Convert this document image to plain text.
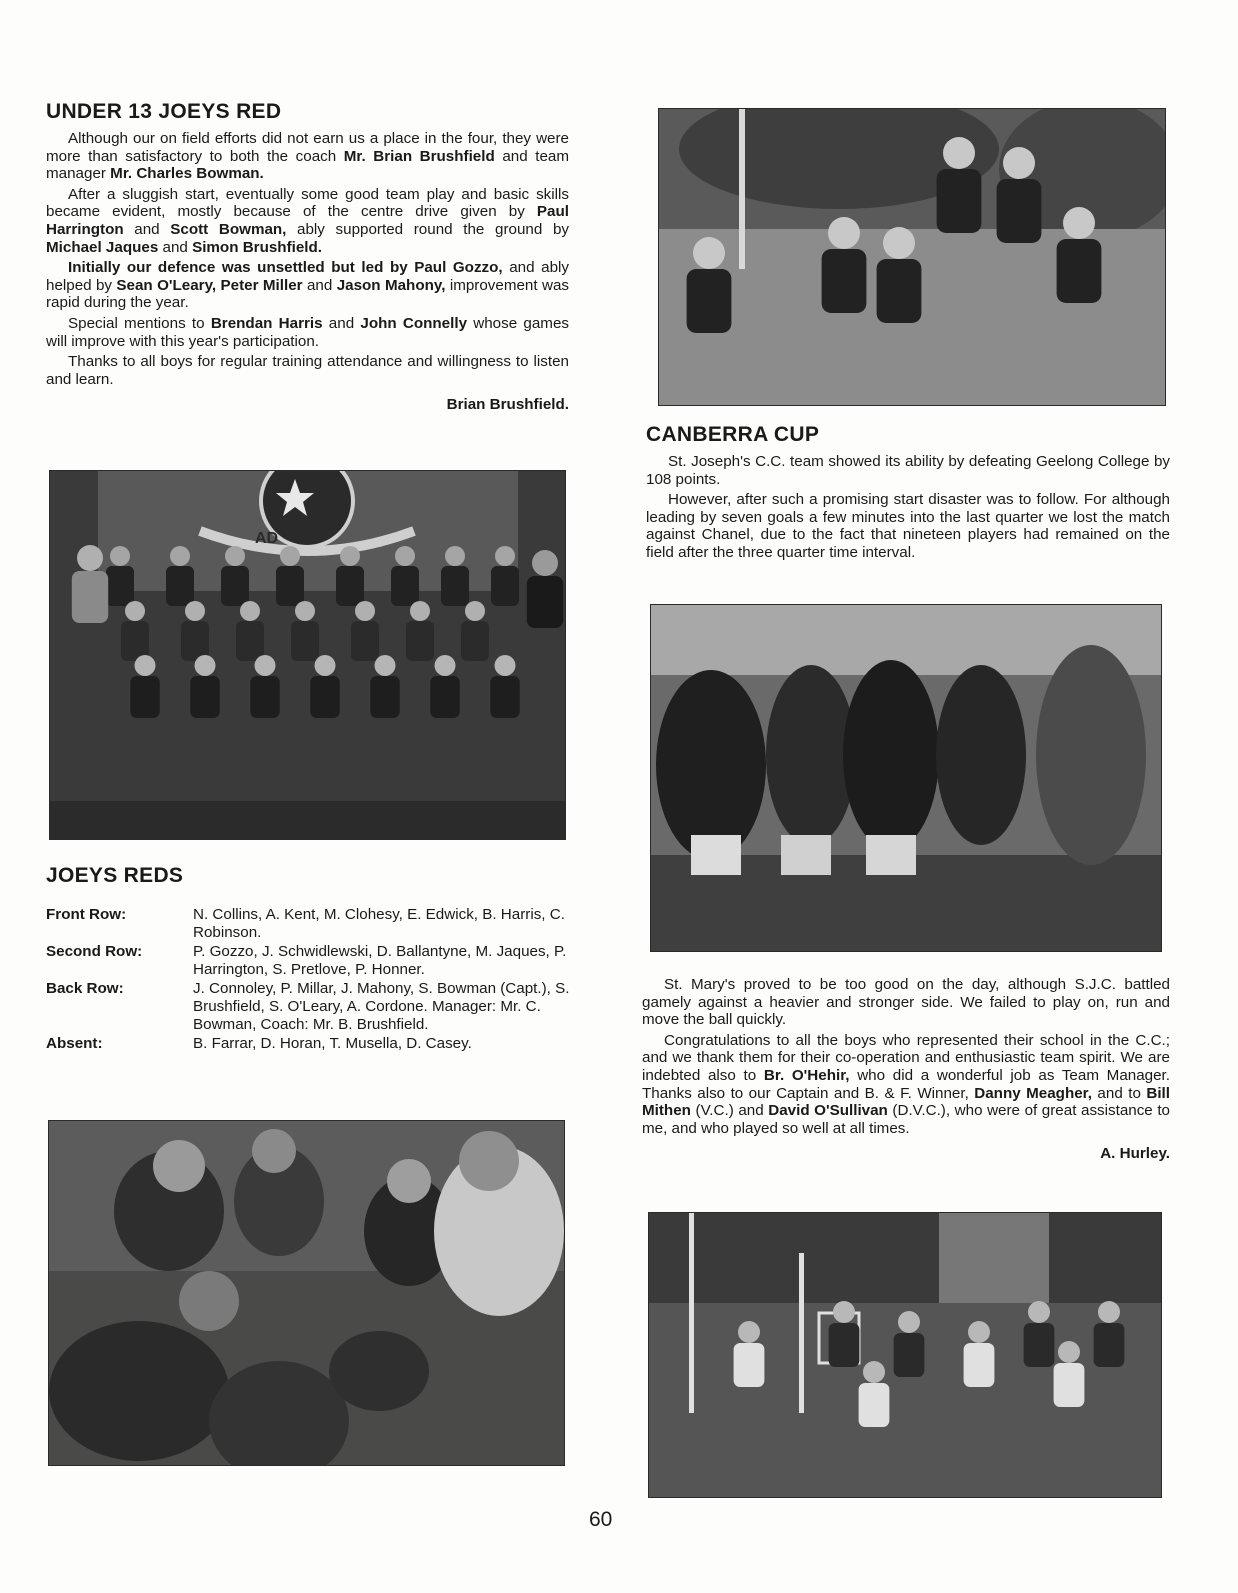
UNDER 13 JOEYS RED

Although our on field efforts did not earn us a place in the four, they were more than satisfactory to both the coach Mr. Brian Brushfield and team manager Mr. Charles Bowman.

After a sluggish start, eventually some good team play and basic skills became evident, mostly because of the centre drive given by Paul Harrington and Scott Bowman, ably supported round the ground by Michael Jaques and Simon Brushfield.

Initially our defence was unsettled but led by Paul Gozzo, and ably helped by Sean O'Leary, Peter Miller and Jason Mahony, improvement was rapid during the year.

Special mentions to Brendan Harris and John Connelly whose games will improve with this year's participation.

Thanks to all boys for regular training attendance and willingness to listen and learn.

Brian Brushfield.

AD
JOEYS REDS
Front Row:	N. Collins, A. Kent, M. Clohesy, E. Edwick, B. Harris, C. Robinson.
Second Row:	P. Gozzo, J. Schwidlewski, D. Ballantyne, M. Jaques, P. Harrington, S. Pretlove, P. Honner.
Back Row:	J. Connoley, P. Millar, J. Mahony, S. Bowman (Capt.), S. Brushfield, S. O'Leary, A. Cordone. Manager: Mr. C. Bowman, Coach: Mr. B. Brushfield.
Absent:	B. Farrar, D. Horan, T. Musella, D. Casey.
CANBERRA CUP

St. Joseph's C.C. team showed its ability by defeating Geelong College by 108 points.

However, after such a promising start disaster was to follow. For although leading by seven goals a few minutes into the last quarter we lost the match against Chanel, due to the fact that nineteen players had remained on the field after the three quarter time interval.

St. Mary's proved to be too good on the day, although S.J.C. battled gamely against a heavier and stronger side. We failed to play on, run and move the ball quickly.

Congratulations to all the boys who represented their school in the C.C.; and we thank them for their co-operation and enthusiastic team spirit. We are indebted also to Br. O'Hehir, who did a wonderful job as Team Manager. Thanks also to our Captain and B. & F. Winner, Danny Meagher, and to Bill Mithen (V.C.) and David O'Sullivan (D.V.C.), who were of great assistance to me, and who played so well at all times.

A. Hurley.

60
